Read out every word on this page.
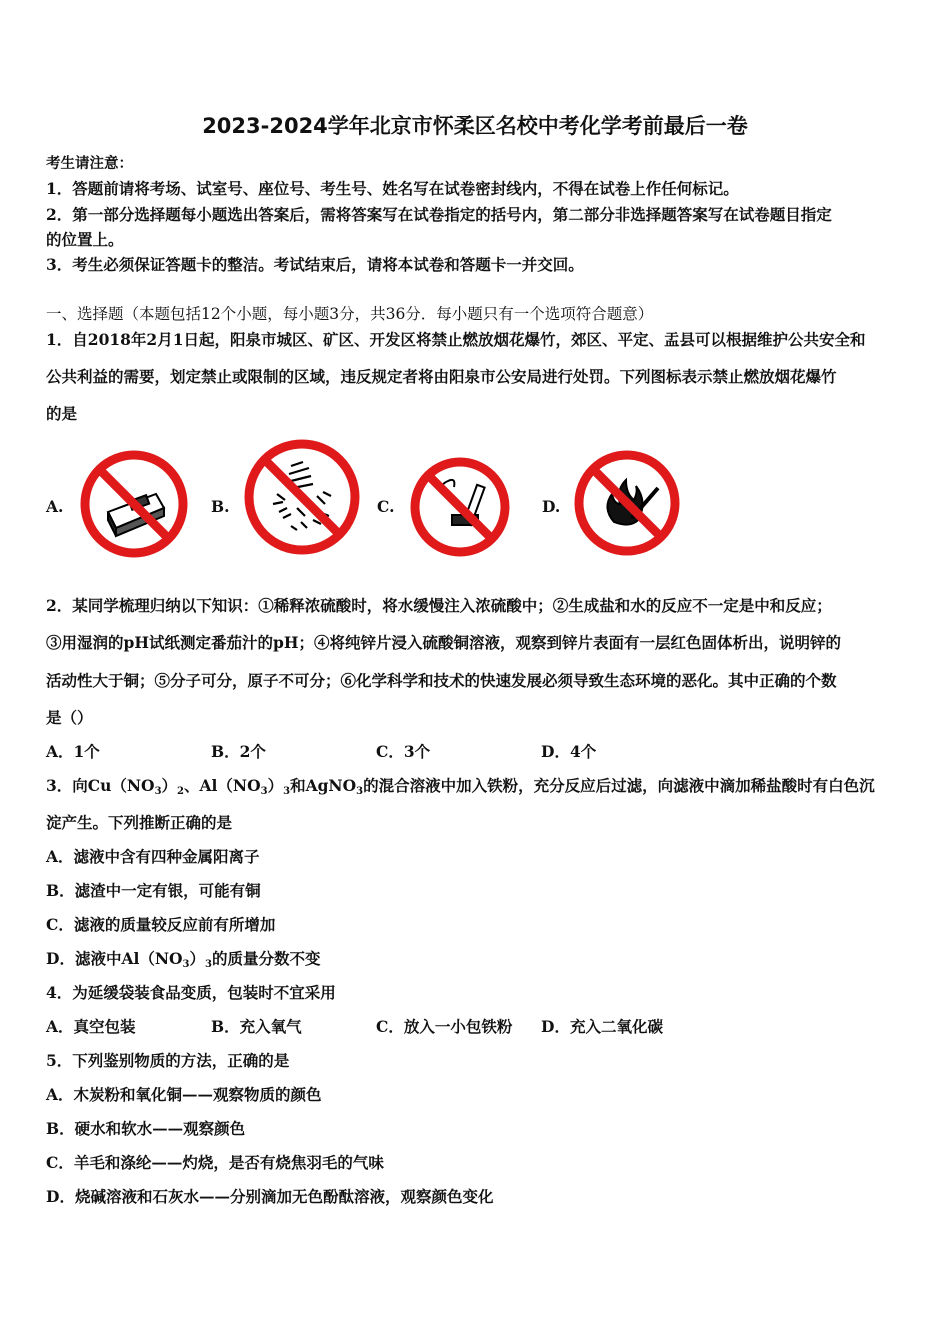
2023-2024学年北京市怀柔区名校中考化学考前最后一卷
考生请注意：
1．答题前请将考场、试室号、座位号、考生号、姓名写在试卷密封线内，不得在试卷上作任何标记。
2．第一部分选择题每小题选出答案后，需将答案写在试卷指定的括号内，第二部分非选择题答案写在试卷题目指定
的位置上。
3．考生必须保证答题卡的整洁。考试结束后，请将本试卷和答题卡一并交回。
一、选择题（本题包括12个小题，每小题3分，共36分．每小题只有一个选项符合题意）
1．自2018年2月1日起，阳泉市城区、矿区、开发区将禁止燃放烟花爆竹，郊区、平定、盂县可以根据维护公共安全和
公共利益的需要，划定禁止或限制的区域，违反规定者将由阳泉市公安局进行处罚。下列图标表示禁止燃放烟花爆竹
的是
A.	B.	C.	D.
2．某同学梳理归纳以下知识：①稀释浓硫酸时，将水缓慢注入浓硫酸中；②生成盐和水的反应不一定是中和反应；
③用湿润的pH试纸测定番茄汁的pH；④将纯锌片浸入硫酸铜溶液，观察到锌片表面有一层红色固体析出，说明锌的
活动性大于铜；⑤分子可分，原子不可分；⑥化学科学和技术的快速发展必须导致生态环境的恶化。其中正确的个数
是（）
A．1个	B．2个	C．3个	D．4个
3．向$Cu(NO_3)_2$、$Al(NO_3)_3$和AgNO$_3$的混合溶液中加入铁粉，充分反应后过滤，向滤液中滴加稀盐酸时有白色沉
淀产生。下列推断正确的是
A．滤液中含有四种金属阳离子
B．滤渣中一定有银，可能有铜
C．滤液的质量较反应前有所增加
D．滤液中$Al(NO_3)_3$的质量分数不变
4．为延缓袋装食品变质，包装时不宜采用
A．真空包装	B．充入氧气	C．放入一小包铁粉	D．充入二氧化碳
5．下列鉴别物质的方法，正确的是
A．木炭粉和氧化铜——观察物质的颜色
B．硬水和软水——观察颜色
C．羊毛和涤纶——灼烧，是否有烧焦羽毛的气味
D．烧碱溶液和石灰水——分别滴加无色酚酞溶液，观察颜色变化
